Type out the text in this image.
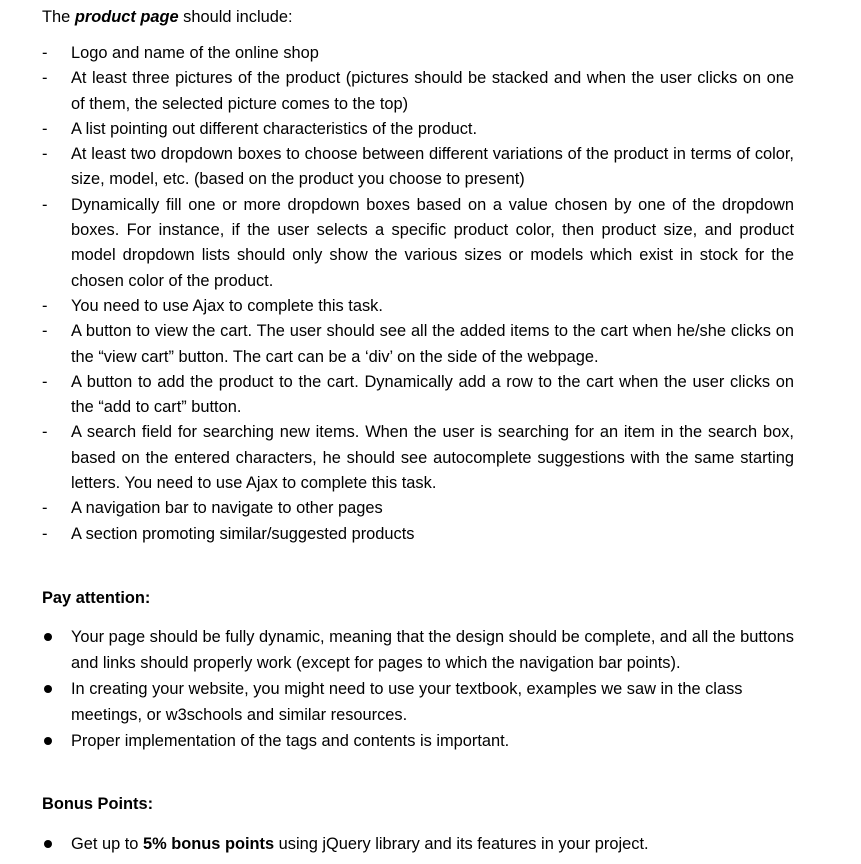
The product page should include:
- Logo and name of the online shop
- At least three pictures of the product (pictures should be stacked and when the user clicks on one of them, the selected picture comes to the top)
- A list pointing out different characteristics of the product.
- At least two dropdown boxes to choose between different variations of the product in terms of color, size, model, etc. (based on the product you choose to present)
- Dynamically fill one or more dropdown boxes based on a value chosen by one of the dropdown boxes. For instance, if the user selects a specific product color, then product size, and product model dropdown lists should only show the various sizes or models which exist in stock for the chosen color of the product.
- You need to use Ajax to complete this task.
- A button to view the cart. The user should see all the added items to the cart when he/she clicks on the “view cart” button. The cart can be a ‘div’ on the side of the webpage.
- A button to add the product to the cart. Dynamically add a row to the cart when the user clicks on the “add to cart” button.
- A search field for searching new items. When the user is searching for an item in the search box, based on the entered characters, he should see autocomplete suggestions with the same starting letters. You need to use Ajax to complete this task.
- A navigation bar to navigate to other pages
- A section promoting similar/suggested products
Pay attention:
Your page should be fully dynamic, meaning that the design should be complete, and all the buttons and links should properly work (except for pages to which the navigation bar points).
In creating your website, you might need to use your textbook, examples we saw in the class meetings, or w3schools and similar resources.
Proper implementation of the tags and contents is important.
Bonus Points:
Get up to 5% bonus points using jQuery library and its features in your project.
